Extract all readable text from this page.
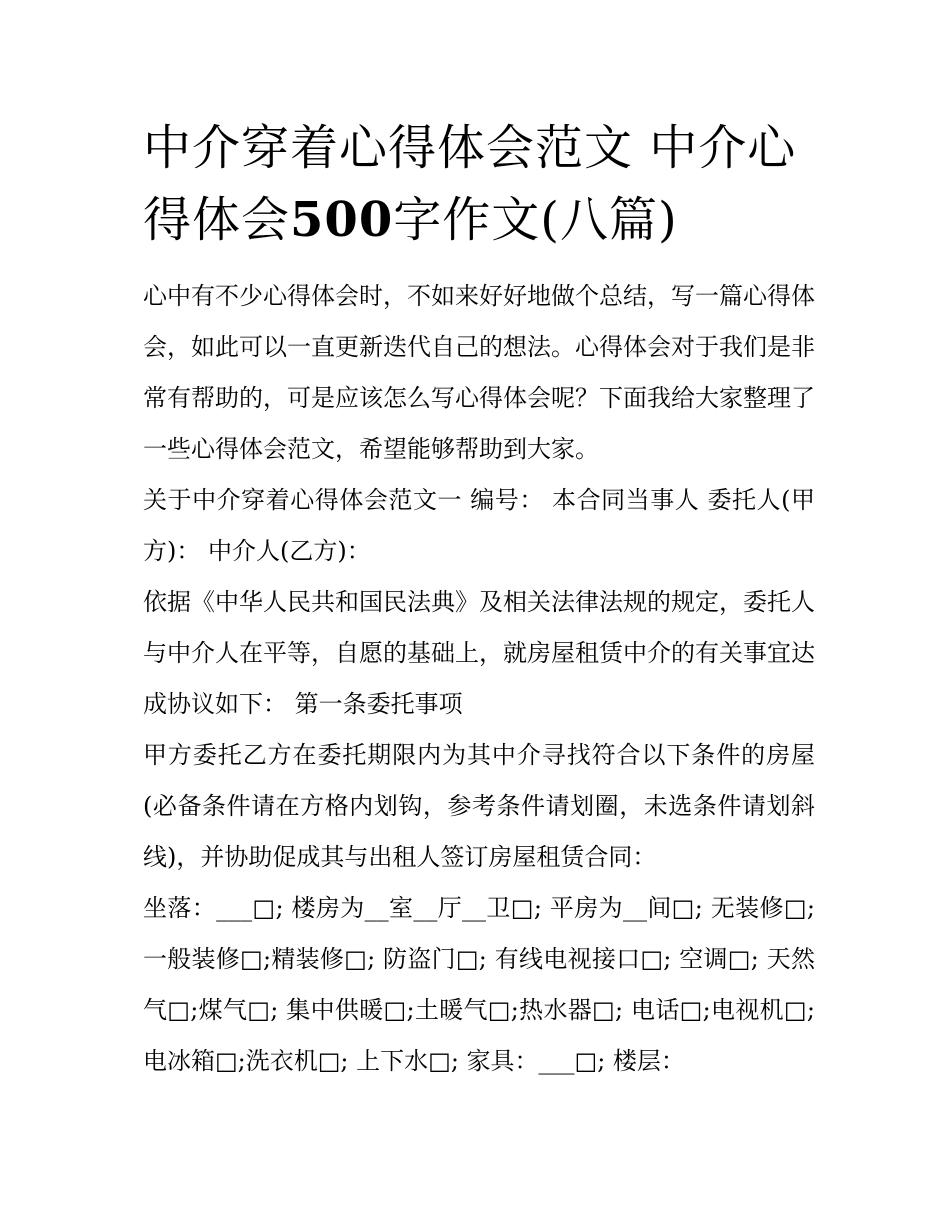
中介穿着心得体会范文 中介心得体会500字作文(八篇)

心中有不少心得体会时，不如来好好地做个总结，写一篇心得体会，如此可以一直更新迭代自己的想法。心得体会对于我们是非常有帮助的，可是应该怎么写心得体会呢？下面我给大家整理了一些心得体会范文，希望能够帮助到大家。

关于中介穿着心得体会范文一 编号： 本合同当事人 委托人(甲方)： 中介人(乙方)：

依据《中华人民共和国民法典》及相关法律法规的规定，委托人与中介人在平等，自愿的基础上，就房屋租赁中介的有关事宜达成协议如下： 第一条委托事项

甲方委托乙方在委托期限内为其中介寻找符合以下条件的房屋(必备条件请在方格内划钩，参考条件请划圈，未选条件请划斜线)，并协助促成其与出租人签订房屋租赁合同：

坐落：___□; 楼房为__室__厅__卫□; 平房为__间□; 无装修□;一般装修□;精装修□; 防盗门□; 有线电视接口□; 空调□; 天然气□;煤气□; 集中供暖□;土暖气□;热水器□; 电话□;电视机□;电冰箱□;洗衣机□; 上下水□; 家具：___□; 楼层：
